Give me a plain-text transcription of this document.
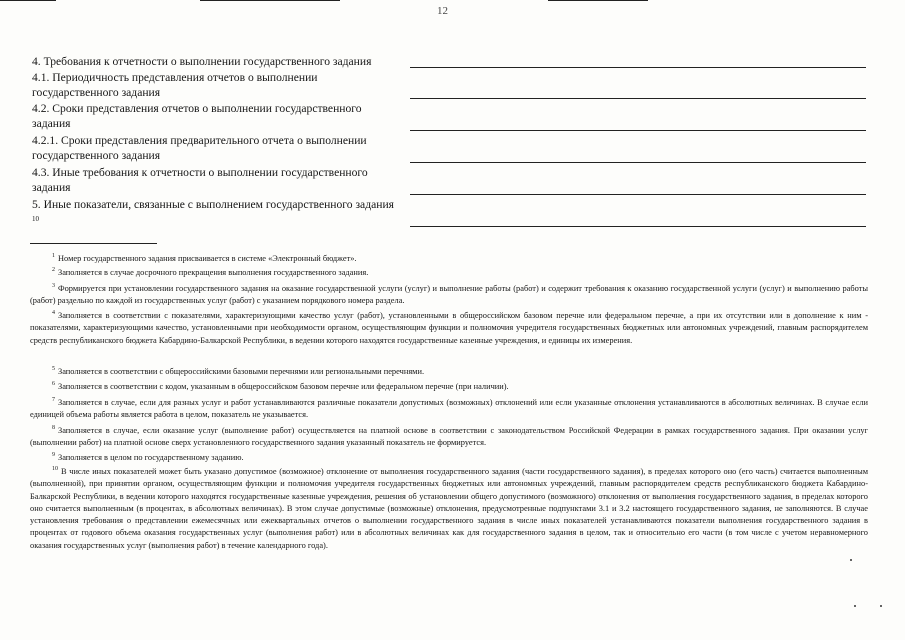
12
4. Требования к отчетности о выполнении государственного задания
4.1. Периодичность представления отчетов о выполнении государственного задания
4.2. Сроки представления отчетов о выполнении государственного задания
4.2.1. Сроки представления предварительного отчета о выполнении государственного задания
4.3. Иные требования к отчетности о выполнении государственного задания
5. Иные показатели, связанные с выполнением государственного задания $^{10}$
$^1$ Номер государственного задания присваивается в системе «Электронный бюджет».
$^2$ Заполняется в случае досрочного прекращения выполнения государственного задания.
$^3$ Формируется при установлении государственного задания на оказание государственной услуги (услуг) и выполнение работы (работ) и содержит требования к оказанию государственной услуги (услуг) и выполнению работы (работ) раздельно по каждой из государственных услуг (работ) с указанием порядкового номера раздела.
$^4$ Заполняется в соответствии с показателями, характеризующими качество услуг (работ), установленными в общероссийском базовом перечне или федеральном перечне, а при их отсутствии или в дополнение к ним - показателями, характеризующими качество, установленными при необходимости органом, осуществляющим функции и полномочия учредителя государственных бюджетных или автономных учреждений, главным распорядителем средств республиканского бюджета Кабардино-Балкарской Республики, в ведении которого находятся государственные казенные учреждения, и единицы их измерения.
$^5$ Заполняется в соответствии с общероссийскими базовыми перечнями или региональными перечнями.
$^6$ Заполняется в соответствии с кодом, указанным в общероссийском базовом перечне или федеральном перечне (при наличии).
$^7$ Заполняется в случае, если для разных услуг и работ устанавливаются различные показатели допустимых (возможных) отклонений или если указанные отклонения устанавливаются в абсолютных величинах. В случае если единицей объема работы является работа в целом, показатель не указывается.
$^8$ Заполняется в случае, если оказание услуг (выполнение работ) осуществляется на платной основе в соответствии с законодательством Российской Федерации в рамках государственного задания. При оказании услуг (выполнении работ) на платной основе сверх установленного государственного задания указанный показатель не формируется.
$^9$ Заполняется в целом по государственному заданию.
$^{10}$ В числе иных показателей может быть указано допустимое (возможное) отклонение от выполнения государственного задания (части государственного задания), в пределах которого оно (его часть) считается выполненным (выполненной), при принятии органом, осуществляющим функции и полномочия учредителя государственных бюджетных или автономных учреждений, главным распорядителем средств республиканского бюджета Кабардино-Балкарской Республики, в ведении которого находятся государственные казенные учреждения, решения об установлении общего допустимого (возможного) отклонения от выполнения государственного задания, в пределах которого оно считается выполненным (в процентах, в абсолютных величинах). В этом случае допустимые (возможные) отклонения, предусмотренные подпунктами 3.1 и 3.2 настоящего государственного задания, не заполняются. В случае установления требования о представлении ежемесячных или ежеквартальных отчетов о выполнении государственного задания в числе иных показателей устанавливаются показатели выполнения государственного задания в процентах от годового объема оказания государственных услуг (выполнения работ) или в абсолютных величинах как для государственного задания в целом, так и относительно его части (в том числе с учетом неравномерного оказания государственных услуг (выполнения работ) в течение календарного года).
